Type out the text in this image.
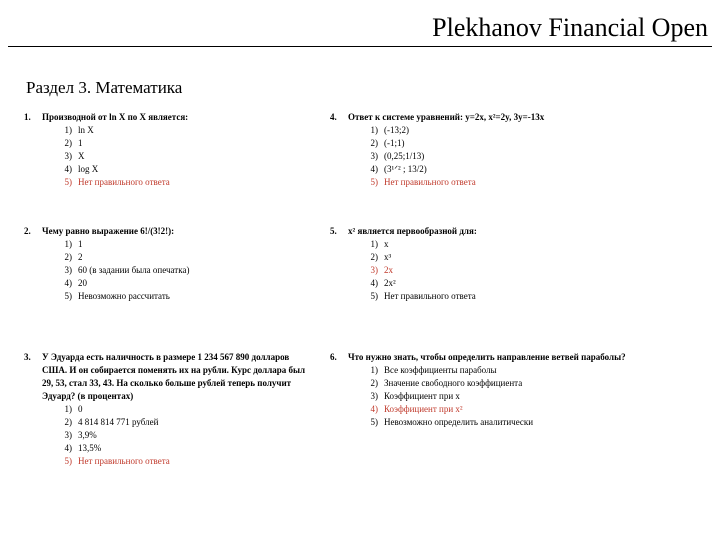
Plekhanov Financial Open
Раздел 3. Математика
1. Производной от ln X по X является:
1) ln X
2) 1
3) X
4) log X
5) Нет правильного ответа
2. Чему равно выражение 6!/(3!2!):
1) 1
2) 2
3) 60 (в задании была опечатка)
4) 20
5) Невозможно рассчитать
3. У Эдуарда есть наличность в размере 1 234 567 890 долларов США. И он собирается поменять их на рубли. Курс доллара был 29, 53, стал 33, 43. На сколько больше рублей теперь получит Эдуард? (в процентах)
1) 0
2) 4 814 814 771 рублей
3) 3,9%
4) 13,5%
5) Нет правильного ответа
4. Ответ к системе уравнений: y=2x, x²=2y, 3y=-13x
1) (-13;2)
2) (-1;1)
3) (0,25;1/13)
4) (3¹ᐟ² ; 13/2)
5) Нет правильного ответа
5. x² является первообразной для:
1) x
2) x³
3) 2x
4) 2x²
5) Нет правильного ответа
6. Что нужно знать, чтобы определить направление ветвей параболы?
1) Все коэффициенты параболы
2) Значение свободного коэффициента
3) Коэффициент при x
4) Коэффициент при x²
5) Невозможно определить аналитически
